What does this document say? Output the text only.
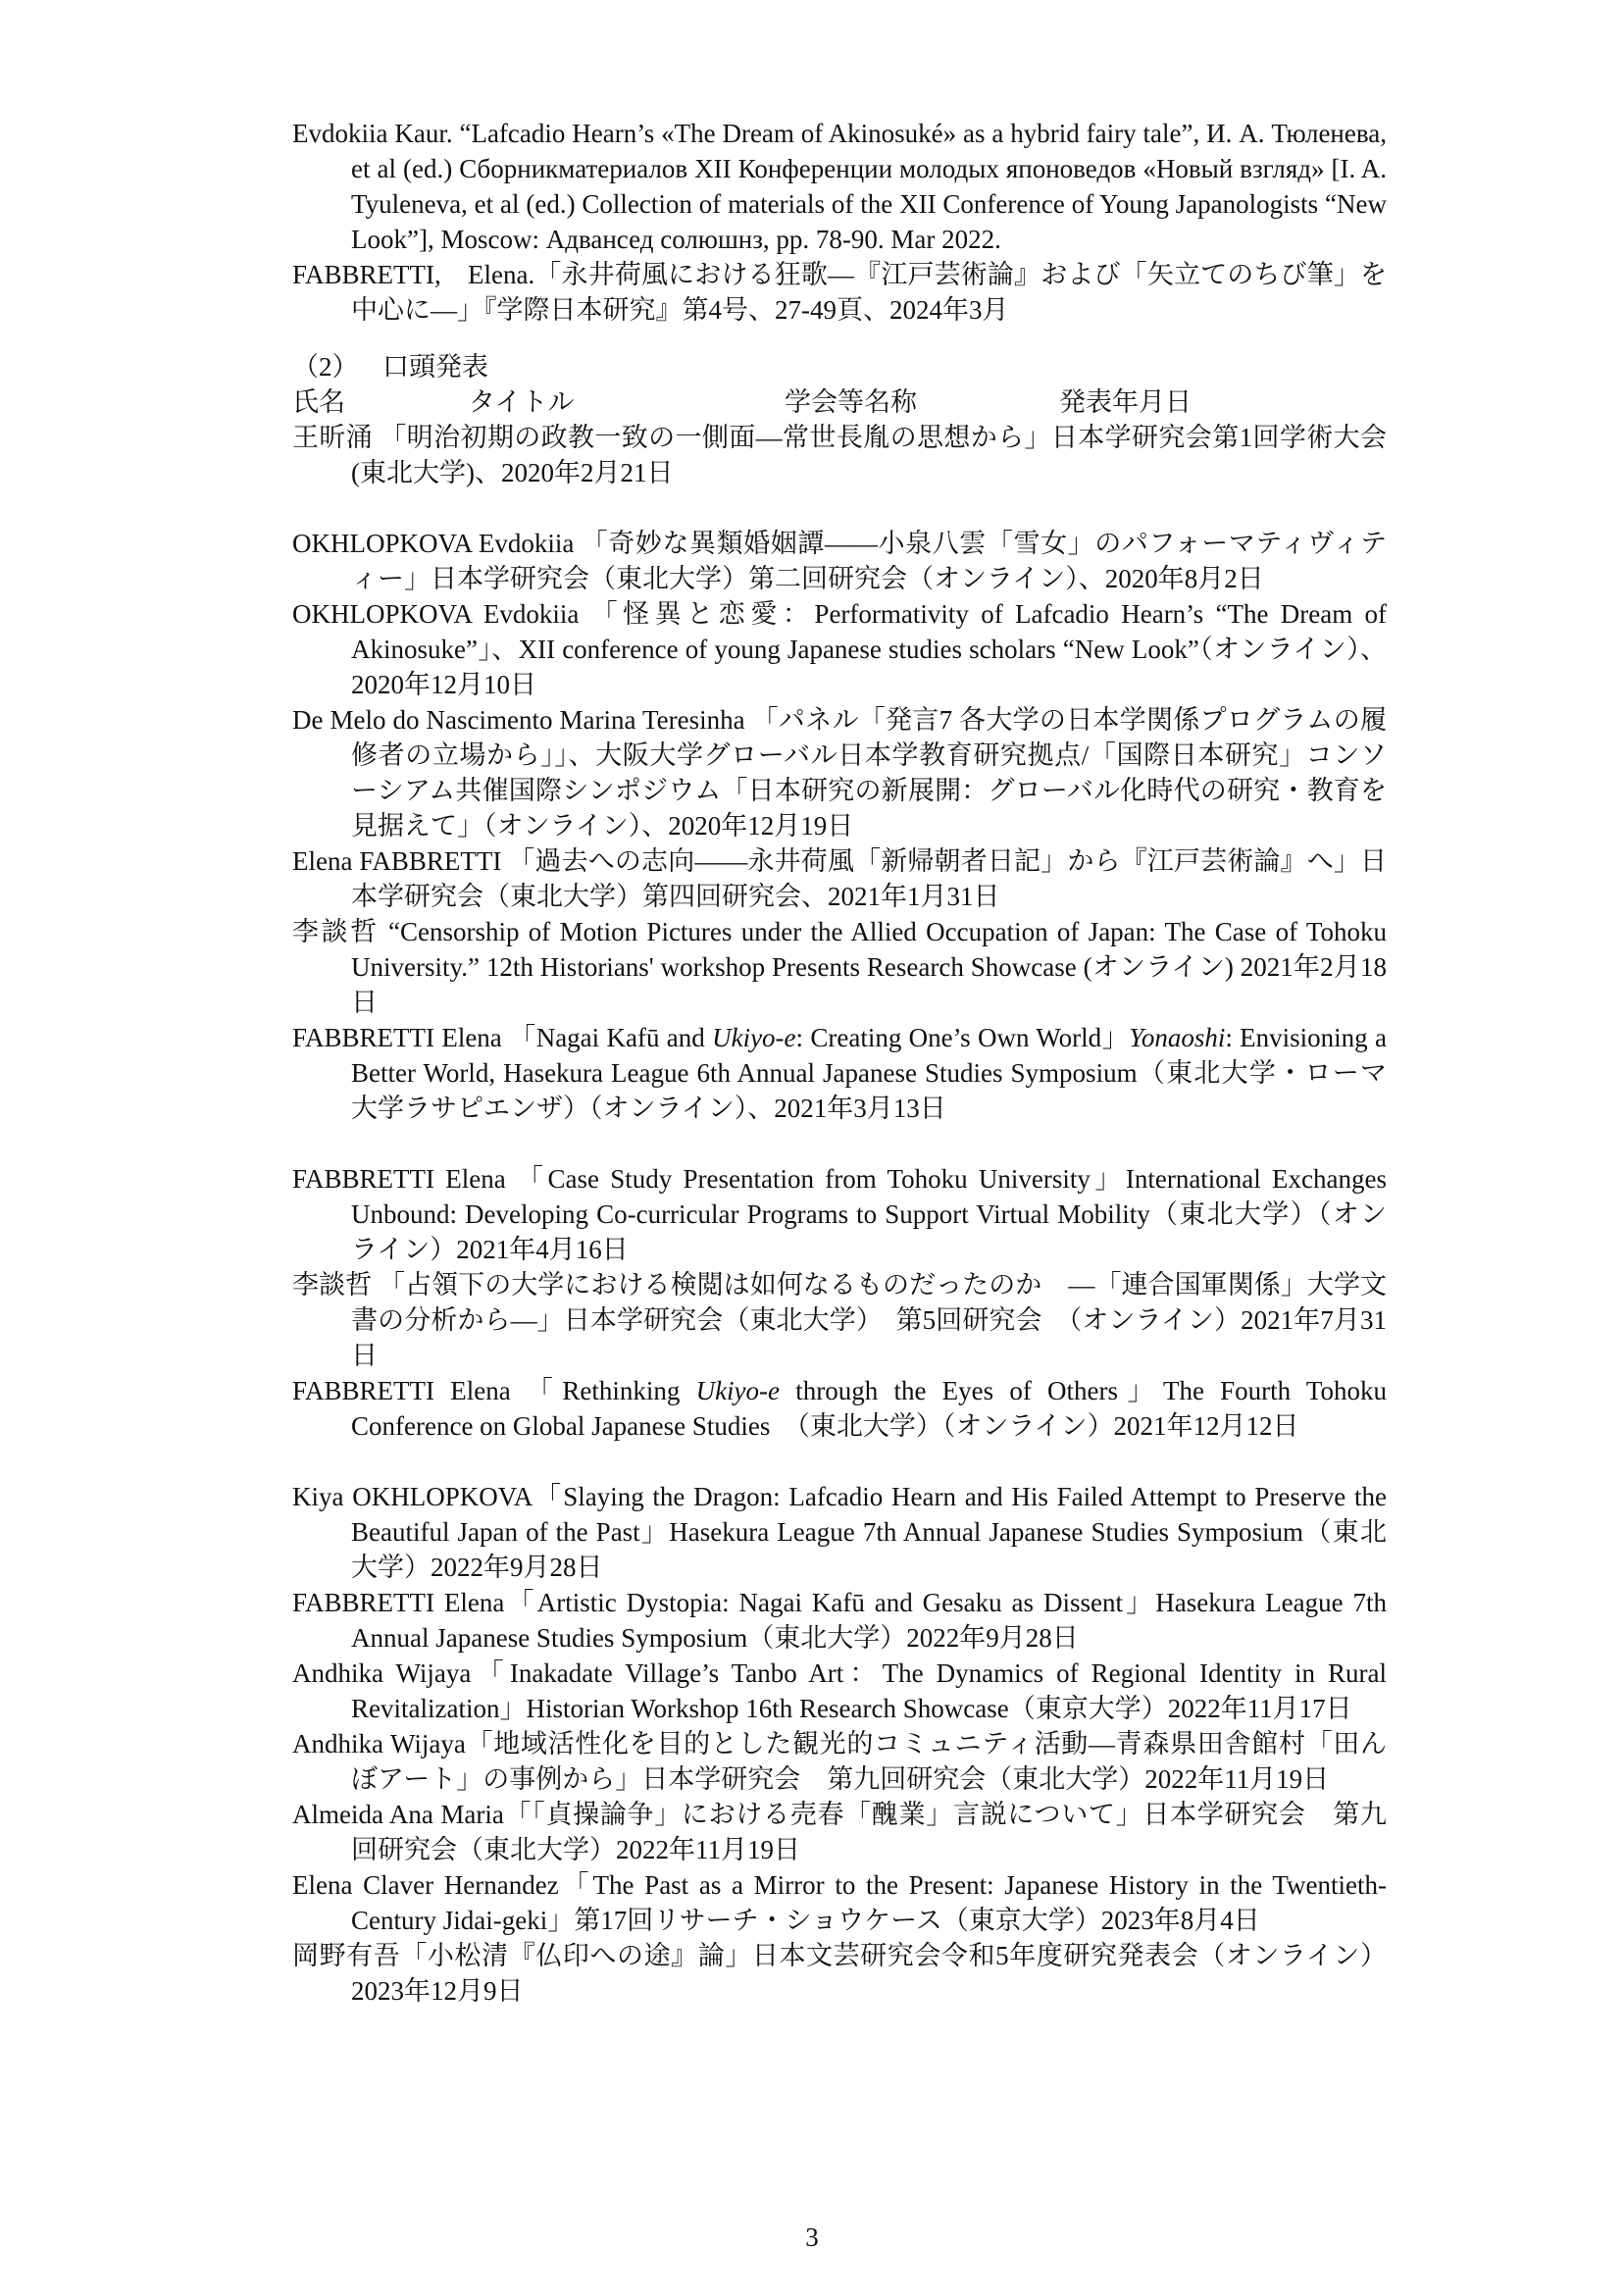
Evdokiia Kaur. “Lafcadio Hearn’s «The Dream of Akinosuké» as a hybrid fairy tale”, И. А. Тюленева, et al (ed.) Сборникматериалов XII Конференции молодых японоведов «Новый взгляд» [I. A. Tyuleneva, et al (ed.) Collection of materials of the XII Conference of Young Japanologists “New Look”], Moscow: Адвансед солюшнз, pp. 78-90. Mar 2022.

FABBRETTI,　Elena.「永井荷風における狂歌—『江戸芸術論』および「矢立てのちび筆」を中心に—」『学際日本研究』第4号、27-49頁、2024年3月

（2） 口頭発表

氏名	タイトル	学会等名称	発表年月日

王昕涌 「明治初期の政教一致の一側面—常世長胤の思想から」日本学研究会第1回学術大会 (東北大学)、2020年2月21日

OKHLOPKOVA Evdokiia 「奇妙な異類婚姻譚——小泉八雲「雪女」のパフォーマティヴィティー」日本学研究会（東北大学）第二回研究会（オンライン）、2020年8月2日

OKHLOPKOVA Evdokiia 「怪異と恋愛：Performativity of Lafcadio Hearn’s “The Dream of Akinosuke”」、XII conference of young Japanese studies scholars “New Look”（オンライン）、2020年12月10日

De Melo do Nascimento Marina Teresinha 「パネル「発言7 各大学の日本学関係プログラムの履修者の立場から」」、大阪大学グローバル日本学教育研究拠点/「国際日本研究」コンソーシアム共催国際シンポジウム「日本研究の新展開：グローバル化時代の研究・教育を見据えて」（オンライン）、2020年12月19日

Elena FABBRETTI 「過去への志向——永井荷風「新帰朝者日記」から『江戸芸術論』へ」日本学研究会（東北大学）第四回研究会、2021年1月31日

李談哲 “Censorship of Motion Pictures under the Allied Occupation of Japan: The Case of Tohoku University.” 12th Historians' workshop Presents Research Showcase (オンライン) 2021年2月18日

FABBRETTI Elena 「Nagai Kafū and Ukiyo-e: Creating One’s Own World」Yonaoshi: Envisioning a Better World, Hasekura League 6th Annual Japanese Studies Symposium（東北大学・ローマ大学ラサピエンザ）（オンライン）、2021年3月13日

FABBRETTI Elena 「Case Study Presentation from Tohoku University」International Exchanges Unbound: Developing Co-curricular Programs to Support Virtual Mobility（東北大学）（オンライン）2021年4月16日

李談哲 「占領下の大学における検閲は如何なるものだったのか　—「連合国軍関係」大学文書の分析から—」日本学研究会（東北大学）　第5回研究会　（オンライン）2021年7月31日

FABBRETTI Elena 「Rethinking Ukiyo-e through the Eyes of Others」The Fourth Tohoku Conference on Global Japanese Studies　（東北大学）（オンライン）2021年12月12日

Kiya OKHLOPKOVA「Slaying the Dragon: Lafcadio Hearn and His Failed Attempt to Preserve the Beautiful Japan of the Past」Hasekura League 7th Annual Japanese Studies Symposium（東北大学）2022年9月28日

FABBRETTI Elena「Artistic Dystopia: Nagai Kafū and Gesaku as Dissent」Hasekura League 7th Annual Japanese Studies Symposium（東北大学）2022年9月28日

Andhika Wijaya「Inakadate Village’s Tanbo Art：The Dynamics of Regional Identity in Rural Revitalization」Historian Workshop 16th Research Showcase（東京大学）2022年11月17日

Andhika Wijaya「地域活性化を目的とした観光的コミュニティ活動—青森県田舎館村「田んぼアート」の事例から」日本学研究会　第九回研究会（東北大学）2022年11月19日

Almeida Ana Maria「「貞操論争」における売春「醜業」言説について」日本学研究会　第九回研究会（東北大学）2022年11月19日

Elena Claver Hernandez「The Past as a Mirror to the Present: Japanese History in the Twentieth-Century Jidai-geki」第17回リサーチ・ショウケース（東京大学）2023年8月4日

岡野有吾「小松清『仏印への途』論」日本文芸研究会令和5年度研究発表会（オンライン）2023年12月9日

3
